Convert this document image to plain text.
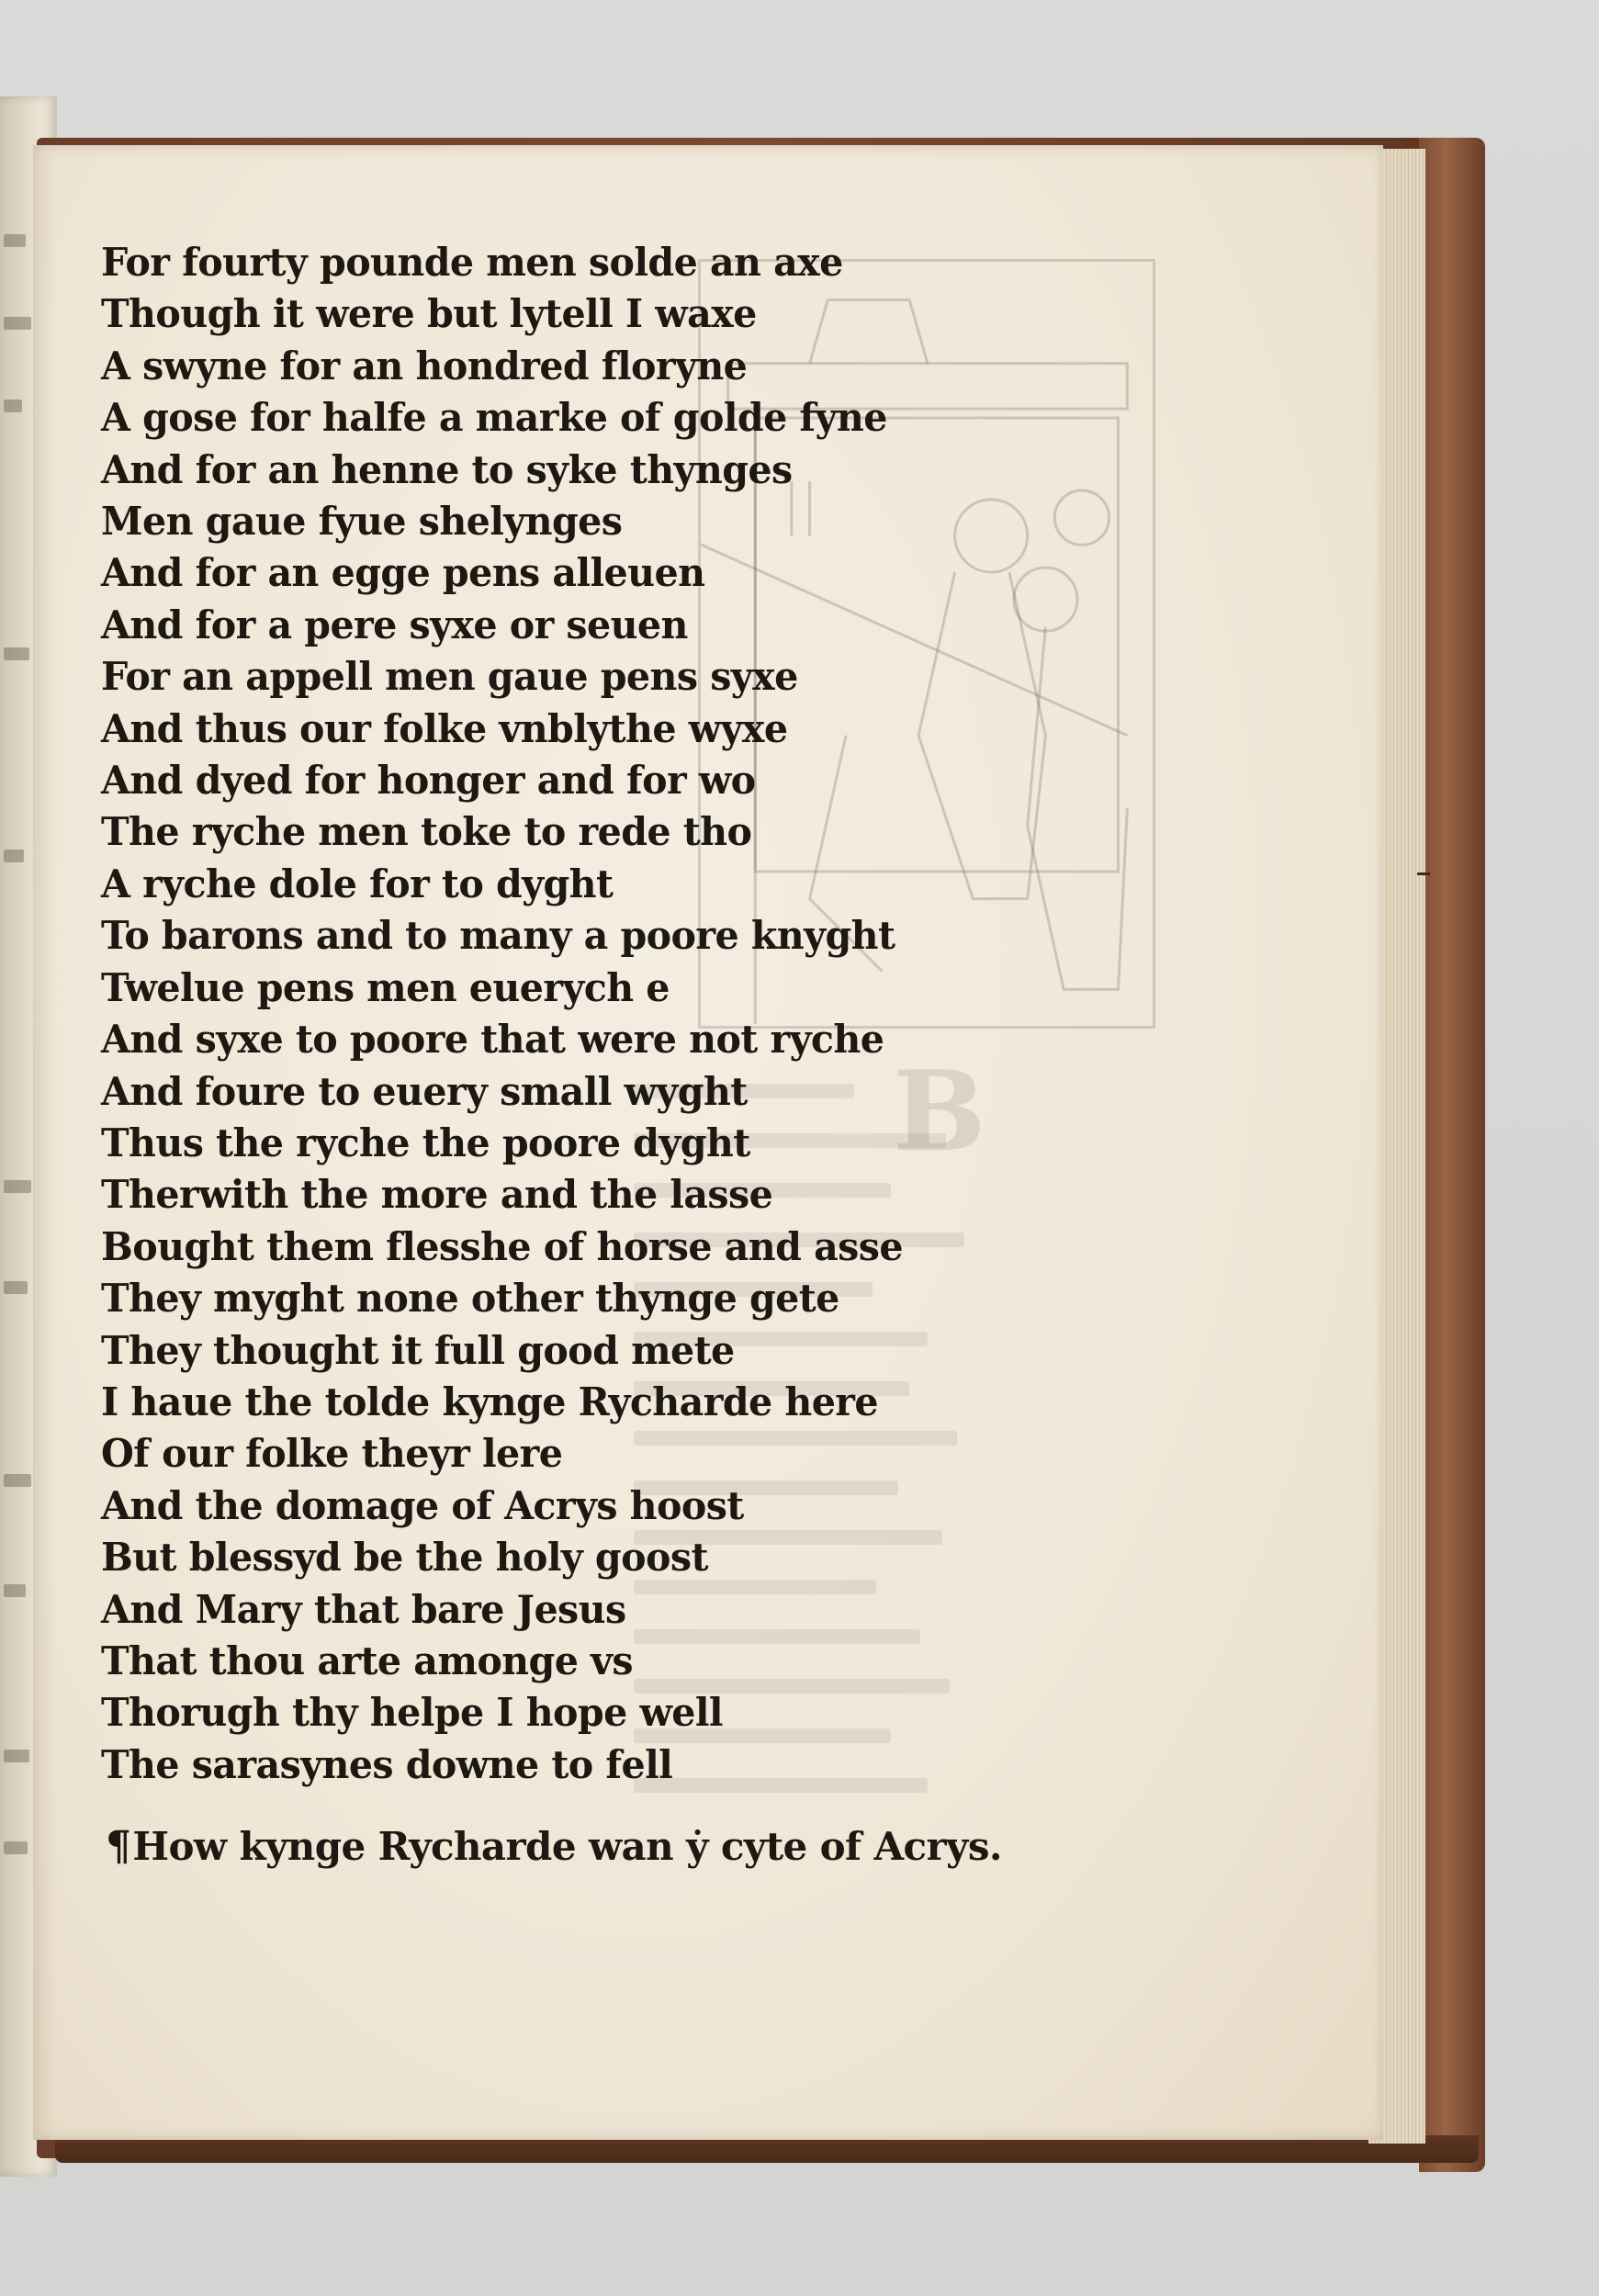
B
For fourty pounde men solde an axe
Though it were but lytell I waxe
A swyne for an hondred floryne
A gose for halfe a marke of golde fyne
And for an henne to syke thynges
Men gaue fyue shelynges
And for an egge pens alleuen
And for a pere syxe or seuen
For an appell men gaue pens syxe
And thus our folke vnblythe wyxe
And dyed for honger and for wo
The ryche men toke to rede tho
A ryche dole for to dyght
To barons and to many a poore knyght
Twelue pens men euerych e
And syxe to poore that were not ryche
And foure to euery small wyght
Thus the ryche the poore dyght
Therwith the more and the lasse
Bought them flesshe of horse and asse
They myght none other thynge gete
They thought it full good mete
I haue the tolde kynge Rycharde here
Of our folke theyr lere
And the domage of Acrys hoost
But blessyd be the holy goost
And Mary that bare Jesus
That thou arte amonge vs
Thorugh thy helpe I hope well
The sarasynes downe to fell
¶How kynge Rycharde wan ẏ cyte of Acrys.
